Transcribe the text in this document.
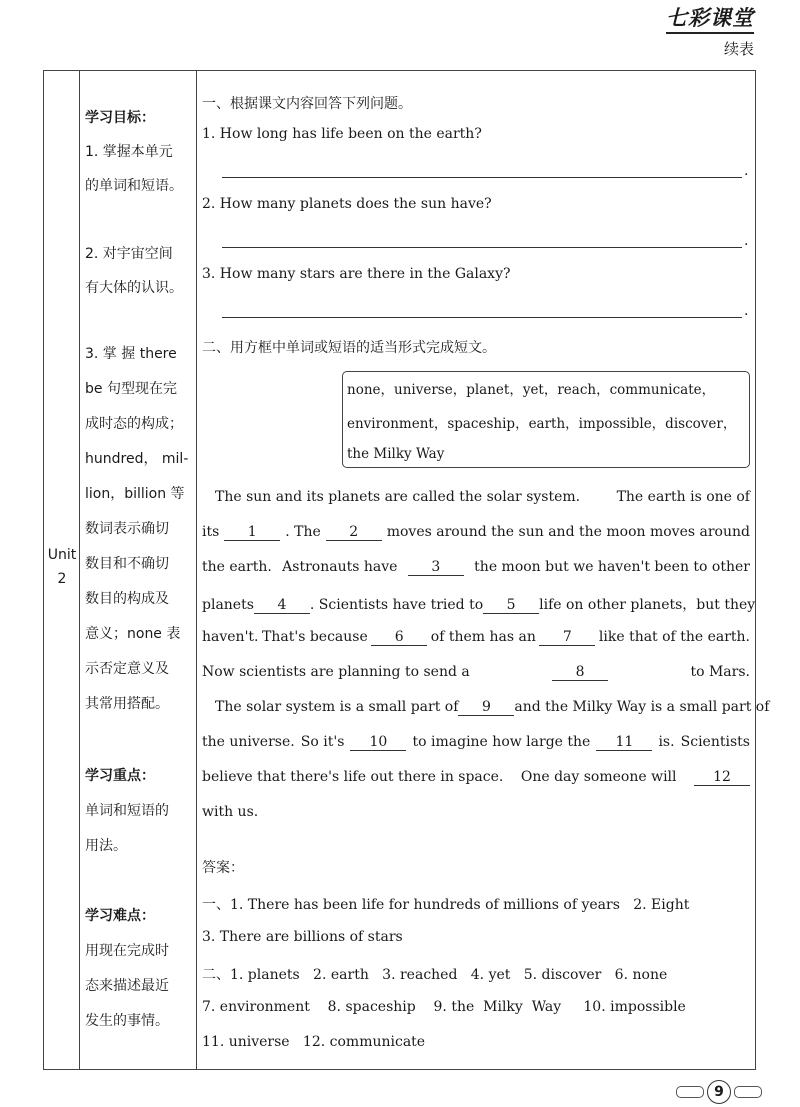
七彩课堂
续表
Unit
2
学习目标：
1. 掌握本单元
的单词和短语。
2. 对宇宙空间
有大体的认识。
3. 掌 握 there
be 句型现在完
成时态的构成；
hundred， mil-
lion，billion 等
数词表示确切
数目和不确切
数目的构成及
意义；none 表
示否定意义及
其常用搭配。
学习重点：
单词和短语的
用法。
学习难点：
用现在完成时
态来描述最近
发生的事情。
一、根据课文内容回答下列问题。
1. How long has life been on the earth?
.
2. How many planets does the sun have?
.
3. How many stars are there in the Galaxy?
.
二、用方框中单词或短语的适当形式完成短文。
none，universe，planet，yet，reach，communicate，
environment，spaceship，earth，impossible，discover，
the Milky Way
The sun and its planets are called the solar system.	The earth is one of
its	1	. The	2	moves around the sun and the moon moves around
the earth. Astronauts have	3	the moon but we haven't been to other
planets	4	. Scientists have tried to	5	life on other planets，but they
haven't. That's because	6	of them has an	7	like that of the earth.
Now scientists are planning to send a	8	to Mars.
The solar system is a small part of	9	and the Milky Way is a small part of
the universe. So it's	10	to imagine how large the	11	is. Scientists
believe that there's life out there in space. One day someone will	12
with us.
答案：
一、1. There has been life for hundreds of millions of years   2. Eight
3. There are billions of stars
二、1. planets   2. earth   3. reached   4. yet   5. discover   6. none
7. environment    8. spaceship    9. the  Milky  Way     10. impossible
11. universe   12. communicate
9
